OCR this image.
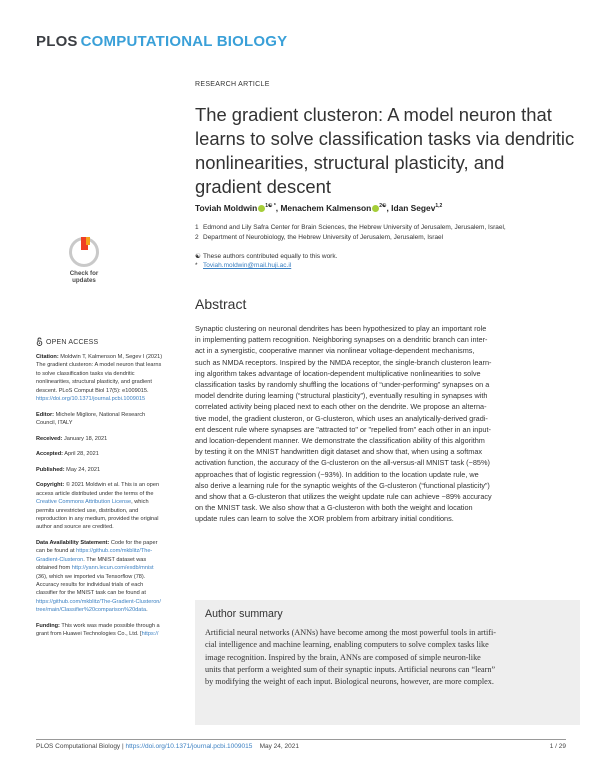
PLOS COMPUTATIONAL BIOLOGY
RESEARCH ARTICLE
The gradient clusteron: A model neuron that learns to solve classification tasks via dendritic nonlinearities, structural plasticity, and gradient descent
Toviah Moldwin $^{1☯ *}$, Menachem Kalmenson $^{2☯}$, Idan Segev$^{1,2}$
1 Edmond and Lily Safra Center for Brain Sciences, the Hebrew University of Jerusalem, Jerusalem, Israel,
2 Department of Neurobiology, the Hebrew University of Jerusalem, Jerusalem, Israel
☯ These authors contributed equally to this work.
* Toviah.moldwin@mail.huji.ac.il
Check for
updates
OPEN ACCESS
Citation: Moldwin T, Kalmenson M, Segev I (2021)
The gradient clusteron: A model neuron that learns
to solve classification tasks via dendritic
nonlinearities, structural plasticity, and gradient
descent. PLoS Comput Biol 17(5): e1009015.
https://doi.org/10.1371/journal.pcbi.1009015
Editor: Michele Migliore, National Research
Council, ITALY
Received: January 18, 2021
Accepted: April 28, 2021
Published: May 24, 2021
Copyright: © 2021 Moldwin et al. This is an open
access article distributed under the terms of the
Creative Commons Attribution License, which
permits unrestricted use, distribution, and
reproduction in any medium, provided the original
author and source are credited.
Data Availability Statement: Code for the paper
can be found at https://github.com/mkblitz/The-
Gradient-Clusteron. The MNIST dataset was
obtained from http://yann.lecun.com/exdb/mnist
(36), which we imported via Tensorflow (78).
Accuracy results for individual trials of each
classifier for the MNIST task can be found at
https://github.com/mkblitz/The-Gradient-Clusteron/
tree/main/Classifier%20comparison%20data.
Funding: This work was made possible through a
grant from Huawei Technologies Co., Ltd. [https://
Abstract
Synaptic clustering on neuronal dendrites has been hypothesized to play an important role
in implementing pattern recognition. Neighboring synapses on a dendritic branch can inter-
act in a synergistic, cooperative manner via nonlinear voltage-dependent mechanisms,
such as NMDA receptors. Inspired by the NMDA receptor, the single-branch clusteron learn-
ing algorithm takes advantage of location-dependent multiplicative nonlinearities to solve
classification tasks by randomly shuffling the locations of “under-performing” synapses on a
model dendrite during learning (“structural plasticity”), eventually resulting in synapses with
correlated activity being placed next to each other on the dendrite. We propose an alterna-
tive model, the gradient clusteron, or G-clusteron, which uses an analytically-derived gradi-
ent descent rule where synapses are "attracted to" or "repelled from" each other in an input-
and location-dependent manner. We demonstrate the classification ability of this algorithm
by testing it on the MNIST handwritten digit dataset and show that, when using a softmax
activation function, the accuracy of the G-clusteron on the all-versus-all MNIST task (~85%)
approaches that of logistic regression (~93%). In addition to the location update rule, we
also derive a learning rule for the synaptic weights of the G-clusteron (“functional plasticity”)
and show that a G-clusteron that utilizes the weight update rule can achieve ~89% accuracy
on the MNIST task. We also show that a G-clusteron with both the weight and location
update rules can learn to solve the XOR problem from arbitrary initial conditions.
Author summary
Artificial neural networks (ANNs) have become among the most powerful tools in artifi-
cial intelligence and machine learning, enabling computers to solve complex tasks like
image recognition. Inspired by the brain, ANNs are composed of simple neuron-like
units that perform a weighted sum of their synaptic inputs. Artificial neurons can “learn”
by modifying the weight of each input. Biological neurons, however, are more complex.
PLOS Computational Biology | https://doi.org/10.1371/journal.pcbi.1009015 May 24, 2021	1 / 29
